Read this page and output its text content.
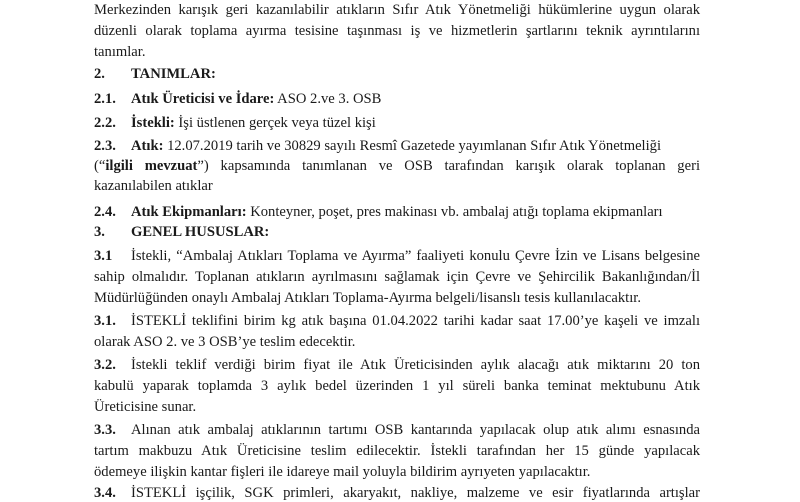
Merkezinden karışık geri kazanılabilir atıkların Sıfır Atık Yönetmeliği hükümlerine uygun olarak
düzenli olarak toplama ayırma tesisine taşınması iş ve hizmetlerin şartlarını teknik ayrıntılarını
tanımlar.
2. TANIMLAR:
2.1. Atık Üreticisi ve İdare: ASO 2.ve 3. OSB
2.2. İstekli: İşi üstlenen gerçek veya tüzel kişi
2.3. Atık: 12.07.2019 tarih ve 30829 sayılı Resmî Gazetede yayımlanan Sıfır Atık Yönetmeliği
(“ilgili mevzuat”) kapsamında tanımlanan ve OSB tarafından karışık olarak toplanan geri
kazanılabilen atıklar
2.4. Atık Ekipmanları: Konteyner, poşet, pres makinası vb. ambalaj atığı toplama ekipmanları
3. GENEL HUSUSLAR:
3.1 İstekli, “Ambalaj Atıkları Toplama ve Ayırma” faaliyeti konulu Çevre İzin ve Lisans belgesine
sahip olmalıdır. Toplanan atıkların ayrılmasını sağlamak için Çevre ve Şehircilik Bakanlığından/İl
Müdürlüğünden onaylı Ambalaj Atıkları Toplama-Ayırma belgeli/lisanslı tesis kullanılacaktır.
3.1. İSTEKLİ teklifini birim kg atık başına 01.04.2022 tarihi kadar saat 17.00’ye kaşeli ve imzalı
olarak ASO 2. ve 3 OSB’ye teslim edecektir.
3.2. İstekli teklif verdiği birim fiyat ile Atık Üreticisinden aylık alacağı atık miktarını 20 ton
kabulü yaparak toplamda 3 aylık bedel üzerinden 1 yıl süreli banka teminat mektubunu Atık
Üreticisine sunar.
3.3. Alınan atık ambalaj atıklarının tartımı OSB kantarında yapılacak olup atık alımı esnasında
tartım makbuzu Atık Üreticisine teslim edilecektir. İstekli tarafından her 15 günde yapılacak
ödemeye ilişkin kantar fişleri ile idareye mail yoluyla bildirim ayrıyeten yapılacaktır.
3.4. İSTEKLİ işçilik, SGK primleri, akaryakıt, nakliye, malzeme ve esir fiyatlarında artışlar
